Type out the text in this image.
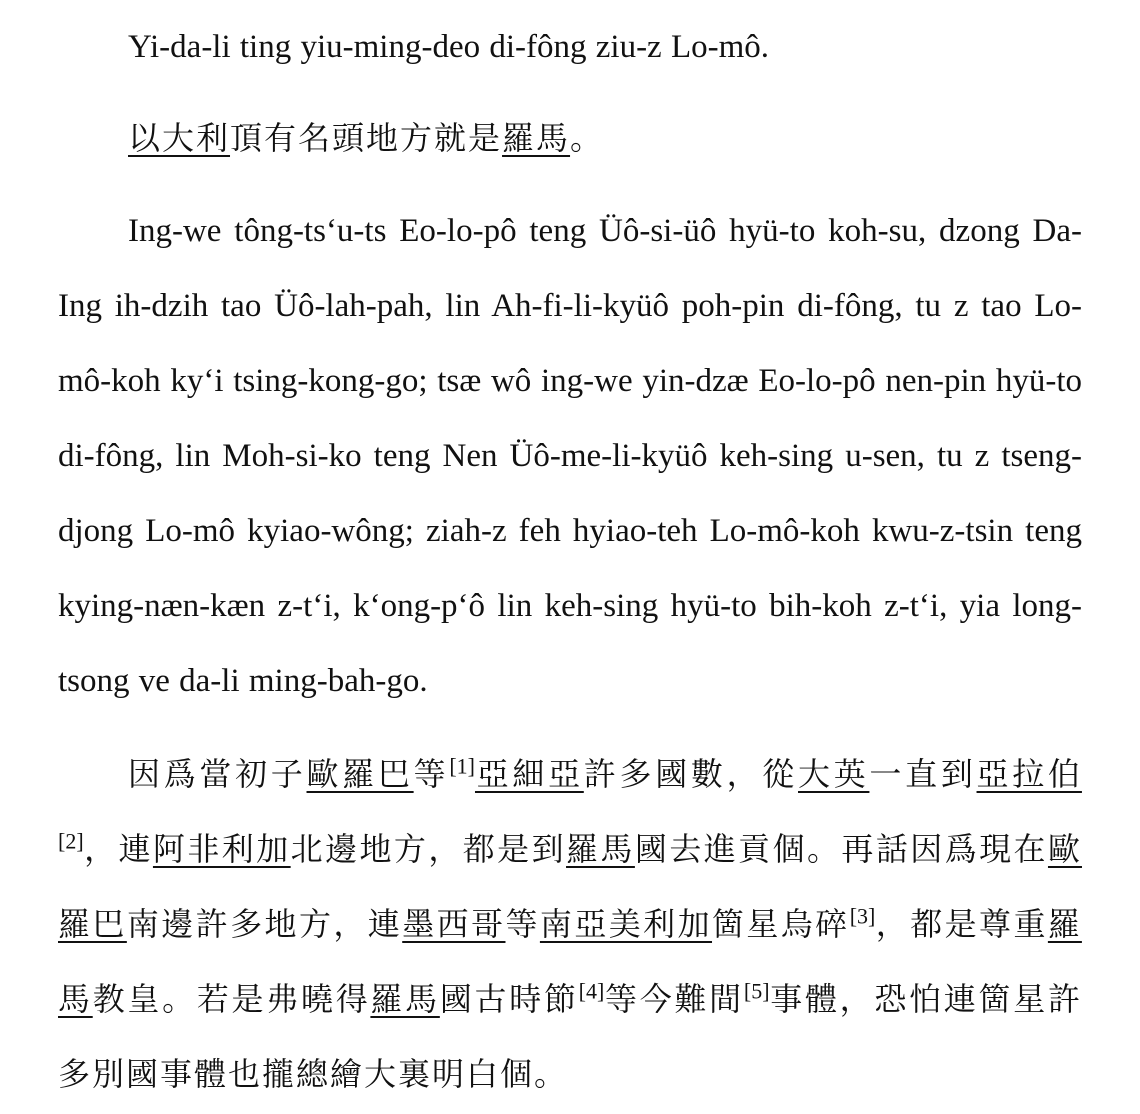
Yi-da-li ting yiu-ming-deo di-fông ziu-z Lo-mô.

以大利頂有名頭地方就是羅馬。

Ing-we tông-tsʻu-ts Eo-lo-pô teng Üô-si-üô hyü-to koh-su, dzong Da-Ing ih-dzih tao Üô-lah-pah, lin Ah-fi-li-kyüô poh-pin di-fông, tu z tao Lo-mô-koh kyʻi tsing-kong-go; tsæ wô ing-we yin-dzæ Eo-lo-pô nen-pin hyü-to di-fông, lin Moh-si-ko teng Nen Üô-me-li-kyüô keh-sing u-sen, tu z tseng-djong Lo-mô kyiao-wông; ziah-z feh hyiao-teh Lo-mô-koh kwu-z-tsin teng kying-næn-kæn z-tʻi, kʻong-pʻô lin keh-sing hyü-to bih-koh z-tʻi, yia long-tsong ve da-li ming-bah-go.

因爲當初子歐羅巴等[1]亞細亞許多國數，從大英一直到亞拉伯[2]，連阿非利加北邊地方，都是到羅馬國去進貢個。再話因爲現在歐羅巴南邊許多地方，連墨西哥等南亞美利加箇星烏碎[3]，都是尊重羅馬教皇。若是弗曉得羅馬國古時節[4]等今難間[5]事體，恐怕連箇星許多別國事體也攏總繪大裏明白個。
